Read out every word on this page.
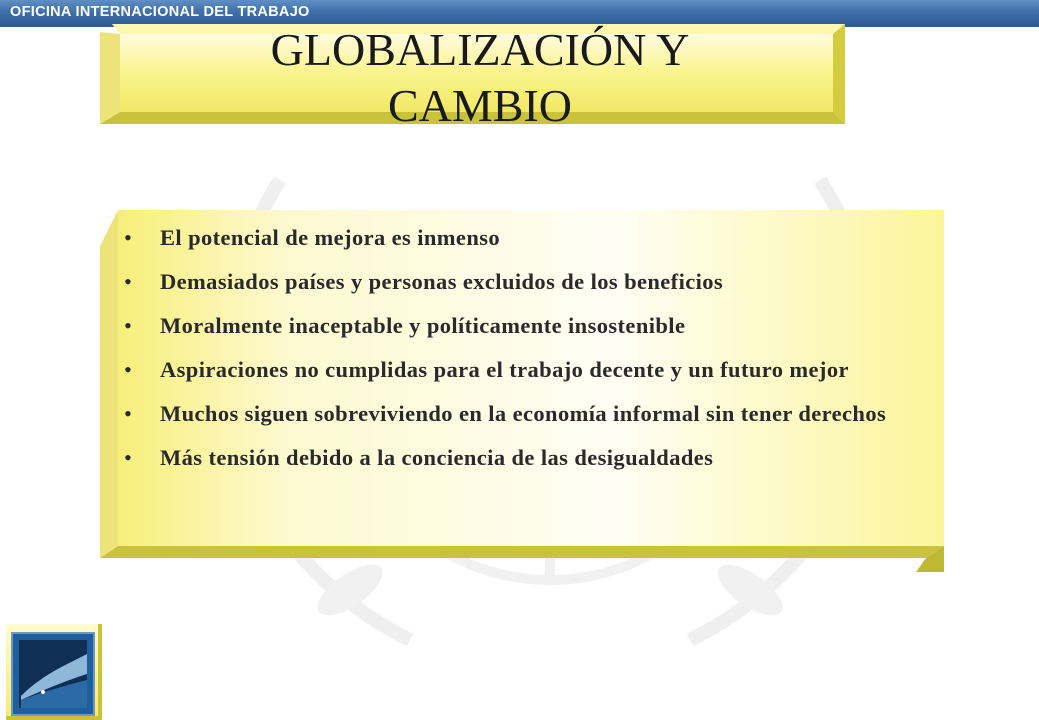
OFICINA INTERNACIONAL DEL TRABAJO
GLOBALIZACIÓN Y
CAMBIO
• El potencial de mejora es inmenso
• Demasiados países y personas excluidos de los beneficios
• Moralmente inaceptable y políticamente insostenible
• Aspiraciones no cumplidas para el trabajo decente y un futuro mejor
• Muchos siguen sobreviviendo en la economía informal sin tener derechos
• Más tensión debido a la conciencia de las desigualdades
